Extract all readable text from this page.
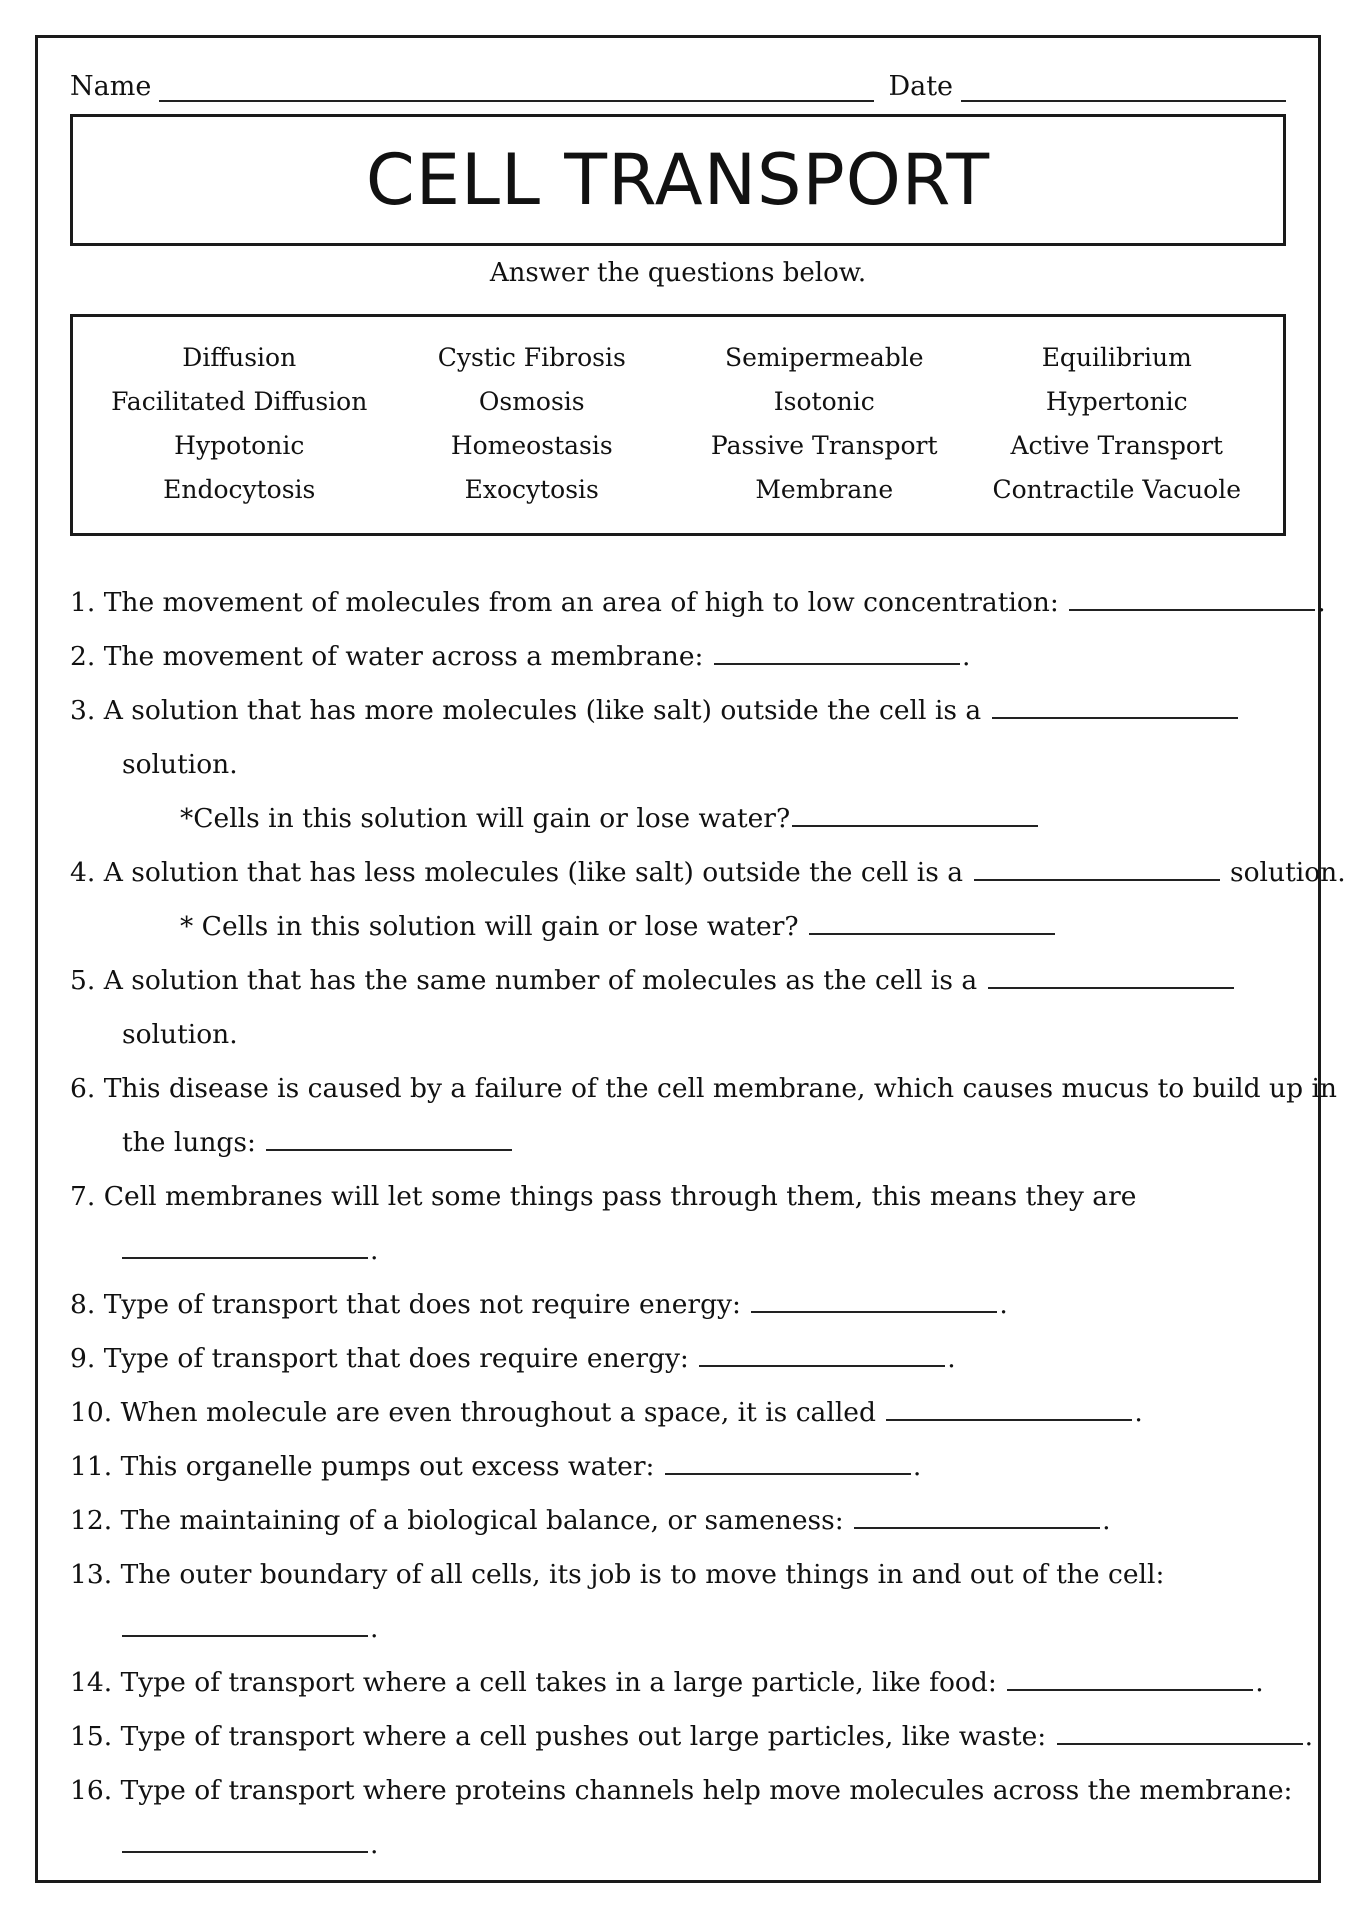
Name	Date
CELL TRANSPORT
Answer the questions below.
Diffusion	Cystic Fibrosis	Semipermeable	Equilibrium
Facilitated Diffusion	Osmosis	Isotonic	Hypertonic
Hypotonic	Homeostasis	Passive Transport	Active Transport
Endocytosis	Exocytosis	Membrane	Contractile Vacuole
1. The movement of molecules from an area of high to low concentration:	.
2. The movement of water across a membrane:	.
3. A solution that has more molecules (like salt) outside the cell is a
solution.
*Cells in this solution will gain or lose water?
4. A solution that has less molecules (like salt) outside the cell is a	solution.
* Cells in this solution will gain or lose water?
5. A solution that has the same number of molecules as the cell is a
solution.
6. This disease is caused by a failure of the cell membrane, which causes mucus to build up in
the lungs:
7. Cell membranes will let some things pass through them, this means they are
.
8. Type of transport that does not require energy:	.
9. Type of transport that does require energy:	.
10. When molecule are even throughout a space, it is called	.
11. This organelle pumps out excess water:	.
12. The maintaining of a biological balance, or sameness:	.
13. The outer boundary of all cells, its job is to move things in and out of the cell:
.
14. Type of transport where a cell takes in a large particle, like food:	.
15. Type of transport where a cell pushes out large particles, like waste:	.
16. Type of transport where proteins channels help move molecules across the membrane:
.
